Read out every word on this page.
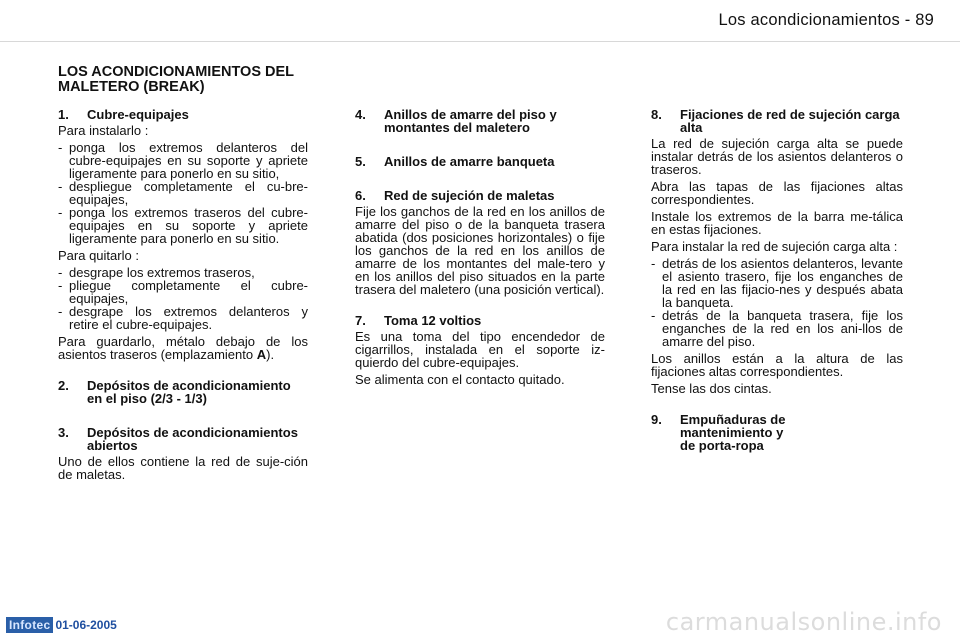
Los acondicionamientos - 89
LOS ACONDICIONAMIENTOS DEL MALETERO (BREAK)
1.	Cubre-equipajes

Para instalarlo :

- ponga los extremos delanteros del cubre-equipajes en su soporte y apriete ligeramente para ponerlo en su sitio,
- despliegue completamente el cu-bre-equipajes,
- ponga los extremos traseros del cubre-equipajes en su soporte y apriete ligeramente para ponerlo en su sitio.

Para quitarlo :

- desgrape los extremos traseros,
- pliegue completamente el cubre-equipajes,
- desgrape los extremos delanteros y retire el cubre-equipajes.

Para guardarlo, métalo debajo de los asientos traseros (emplazamiento A).

2.	Depósitos de acondicionamiento en el piso (2/3 - 1/3)
3.	Depósitos de acondicionamientos abiertos

Uno de ellos contiene la red de suje-ción de maletas.

4.	Anillos de amarre del piso y montantes del maletero
5.	Anillos de amarre banqueta
6.	Red de sujeción de maletas

Fije los ganchos de la red en los anillos de amarre del piso o de la banqueta trasera abatida (dos posiciones horizontales) o fije los ganchos de la red en los anillos de amarre de los montantes del male-tero y en los anillos del piso situados en la parte trasera del maletero (una posición vertical).

7.	Toma 12 voltios

Es una toma del tipo encendedor de cigarrillos, instalada en el soporte iz-quierdo del cubre-equipajes.

Se alimenta con el contacto quitado.

8.	Fijaciones de red de sujeción carga alta

La red de sujeción carga alta se puede instalar detrás de los asientos delanteros o traseros.

Abra las tapas de las fijaciones altas correspondientes.

Instale los extremos de la barra me-tálica en estas fijaciones.

Para instalar la red de sujeción carga alta :

- detrás de los asientos delanteros, levante el asiento trasero, fije los enganches de la red en las fijacio-nes y después abata la banqueta.
- detrás de la banqueta trasera, fije los enganches de la red en los ani-llos de amarre del piso.

Los anillos están a la altura de las fijaciones altas correspondientes.

Tense las dos cintas.

9.	Empuñaduras de
mantenimiento y
de porta-ropa
Infotec 01-06-2005	carmanualsonline.info
